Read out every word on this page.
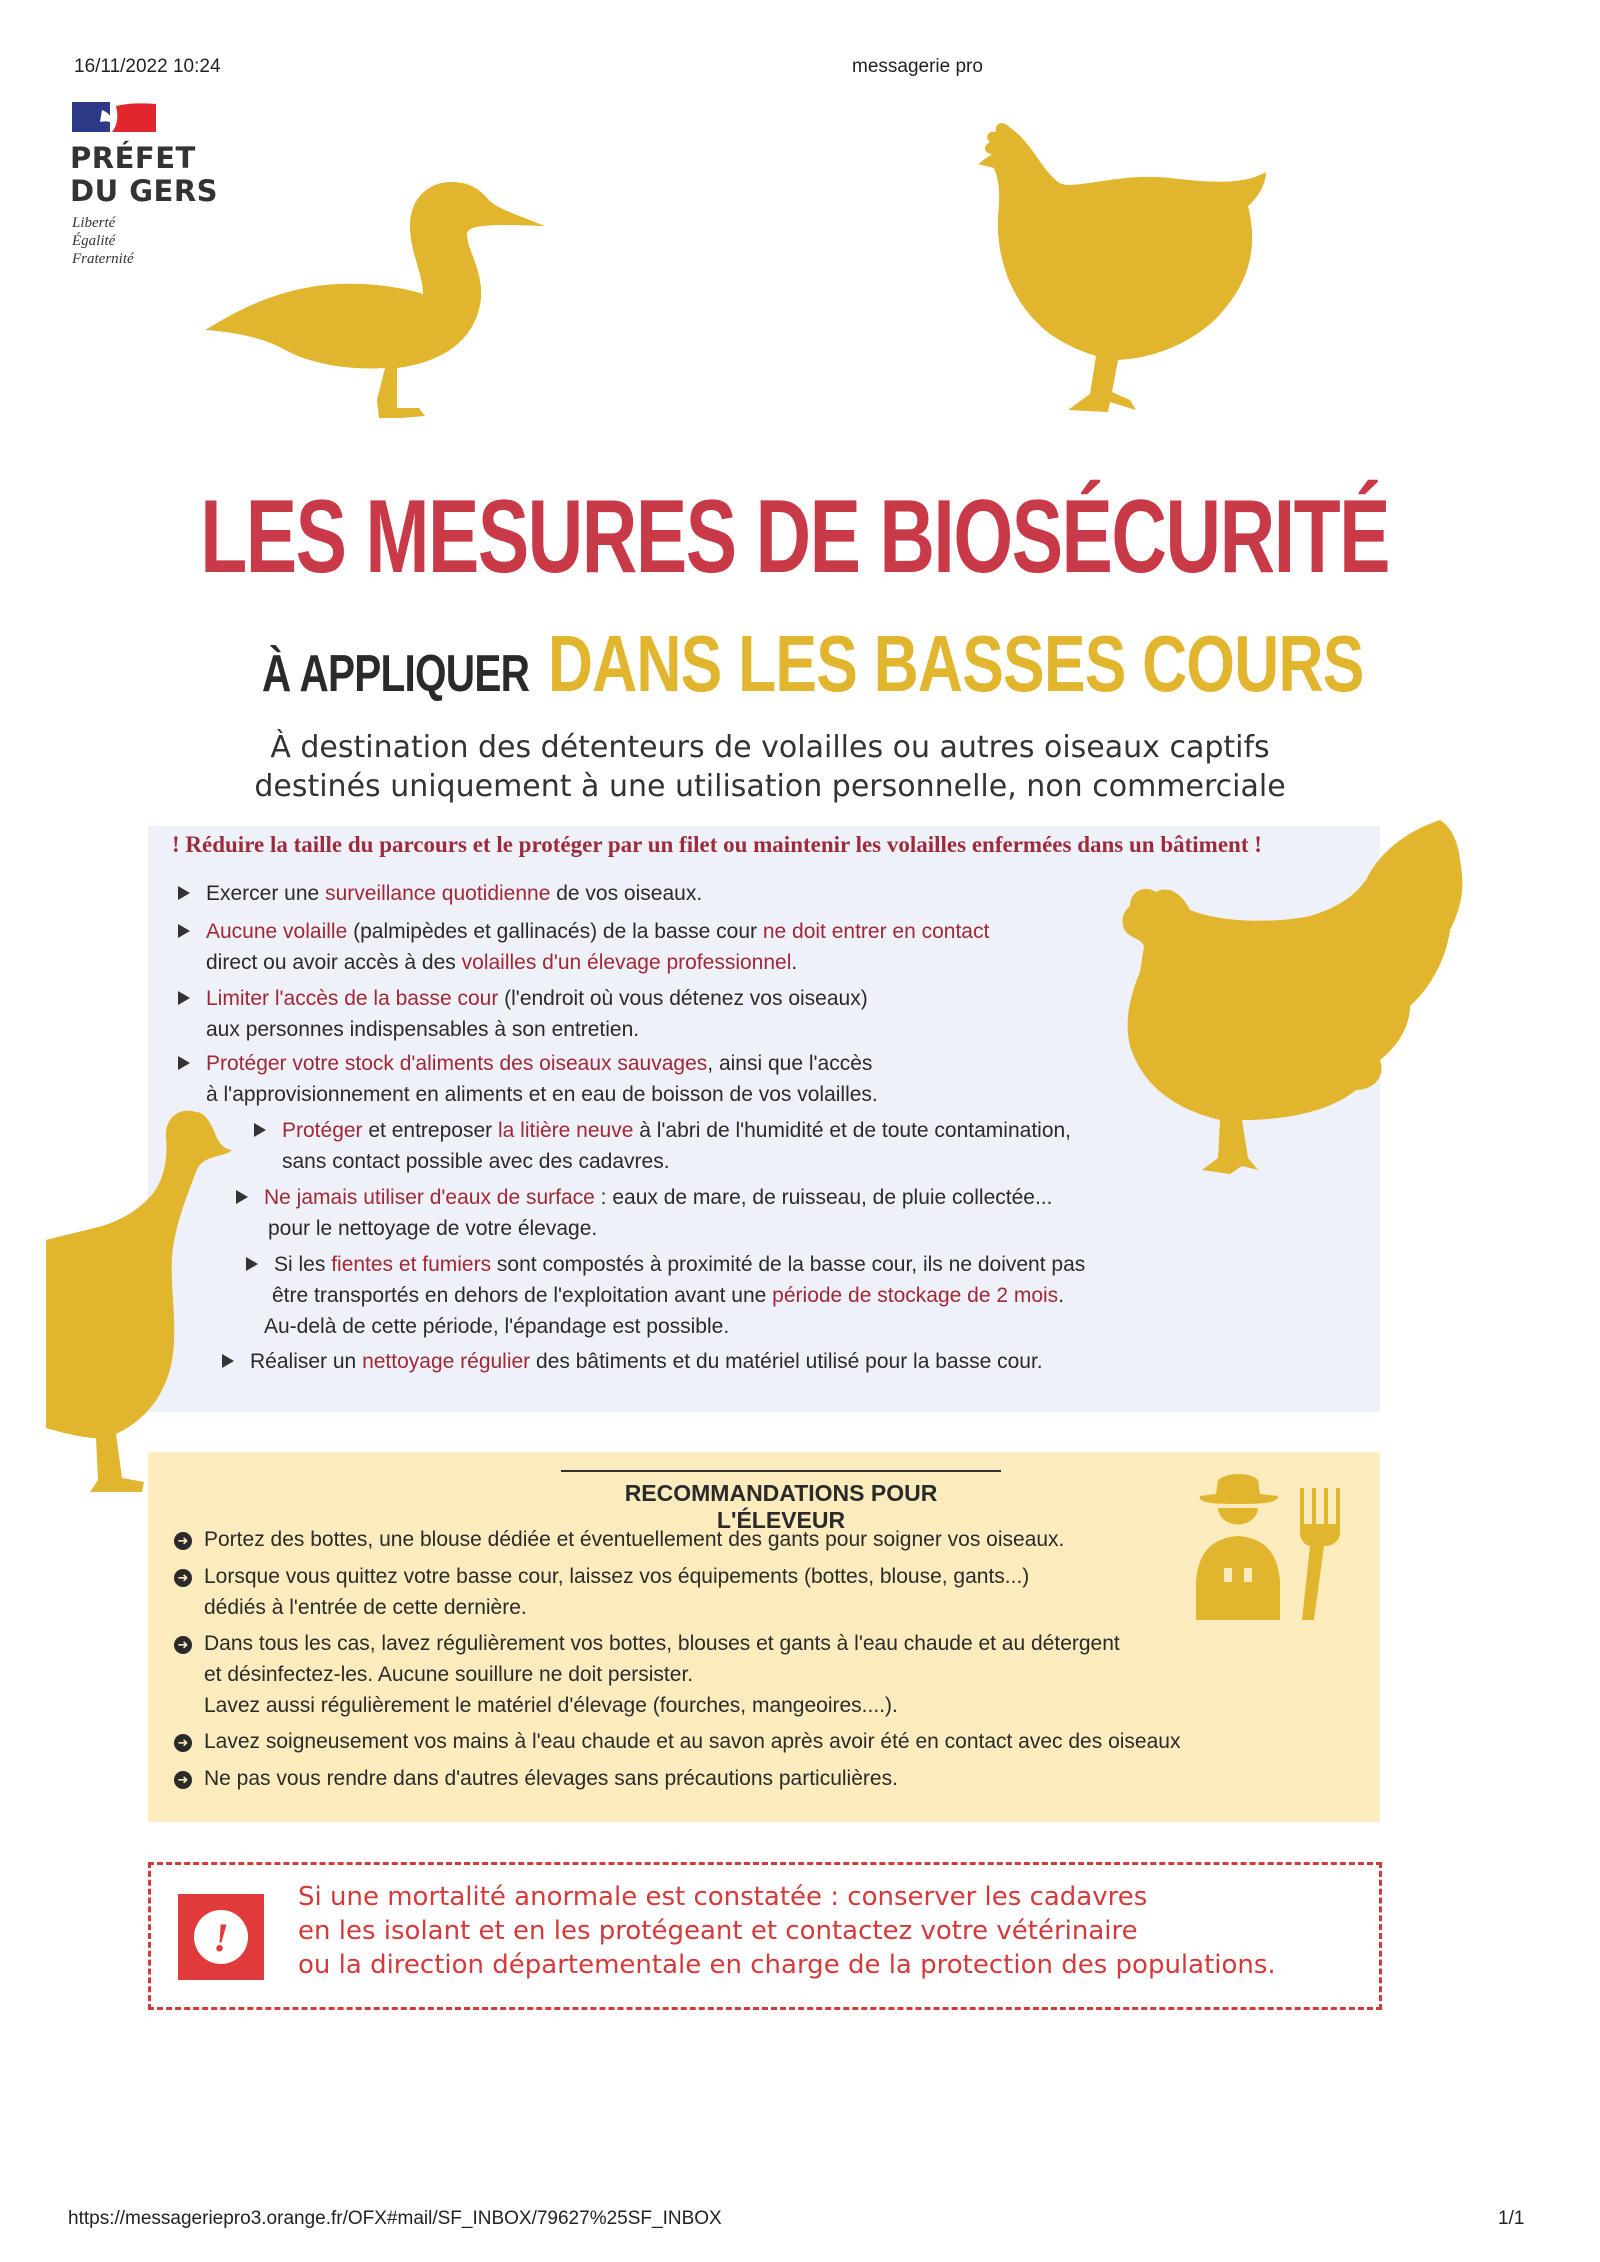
16/11/2022 10:24	messagerie pro
PRÉFET
DU GERS
Liberté
Égalité
Fraternité
LES MESURES DE BIOSÉCURITÉ
À APPLIQUER DANS LES BASSES COURS
À destination des détenteurs de volailles ou autres oiseaux captifs
destinés uniquement à une utilisation personnelle, non commerciale
! Réduire la taille du parcours et le protéger par un filet ou maintenir les volailles enfermées dans un bâtiment !
Exercer une surveillance quotidienne de vos oiseaux.
Aucune volaille (palmipèdes et gallinacés) de la basse cour ne doit entrer en contact
direct ou avoir accès à des volailles d'un élevage professionnel.
Limiter l'accès de la basse cour (l'endroit où vous détenez vos oiseaux)
aux personnes indispensables à son entretien.
Protéger votre stock d'aliments des oiseaux sauvages, ainsi que l'accès
à l'approvisionnement en aliments et en eau de boisson de vos volailles.
Protéger et entreposer la litière neuve à l'abri de l'humidité et de toute contamination,
sans contact possible avec des cadavres.
Ne jamais utiliser d'eaux de surface : eaux de mare, de ruisseau, de pluie collectée...
pour le nettoyage de votre élevage.
Si les fientes et fumiers sont compostés à proximité de la basse cour, ils ne doivent pas
être transportés en dehors de l'exploitation avant une période de stockage de 2 mois.
Au-delà de cette période, l'épandage est possible.
Réaliser un nettoyage régulier des bâtiments et du matériel utilisé pour la basse cour.
RECOMMANDATIONS POUR L'ÉLEVEUR
➜ Portez des bottes, une blouse dédiée et éventuellement des gants pour soigner vos oiseaux.
➜ Lorsque vous quittez votre basse cour, laissez vos équipements (bottes, blouse, gants...)
dédiés à l'entrée de cette dernière.
➜ Dans tous les cas, lavez régulièrement vos bottes, blouses et gants à l'eau chaude et au détergent
et désinfectez-les. Aucune souillure ne doit persister.
Lavez aussi régulièrement le matériel d'élevage (fourches, mangeoires....).
➜ Lavez soigneusement vos mains à l'eau chaude et au savon après avoir été en contact avec des oiseaux
➜ Ne pas vous rendre dans d'autres élevages sans précautions particulières.
!
Si une mortalité anormale est constatée : conserver les cadavres
en les isolant et en les protégeant et contactez votre vétérinaire
ou la direction départementale en charge de la protection des populations.
https://messageriepro3.orange.fr/OFX#mail/SF_INBOX/79627%25SF_INBOX	1/1
